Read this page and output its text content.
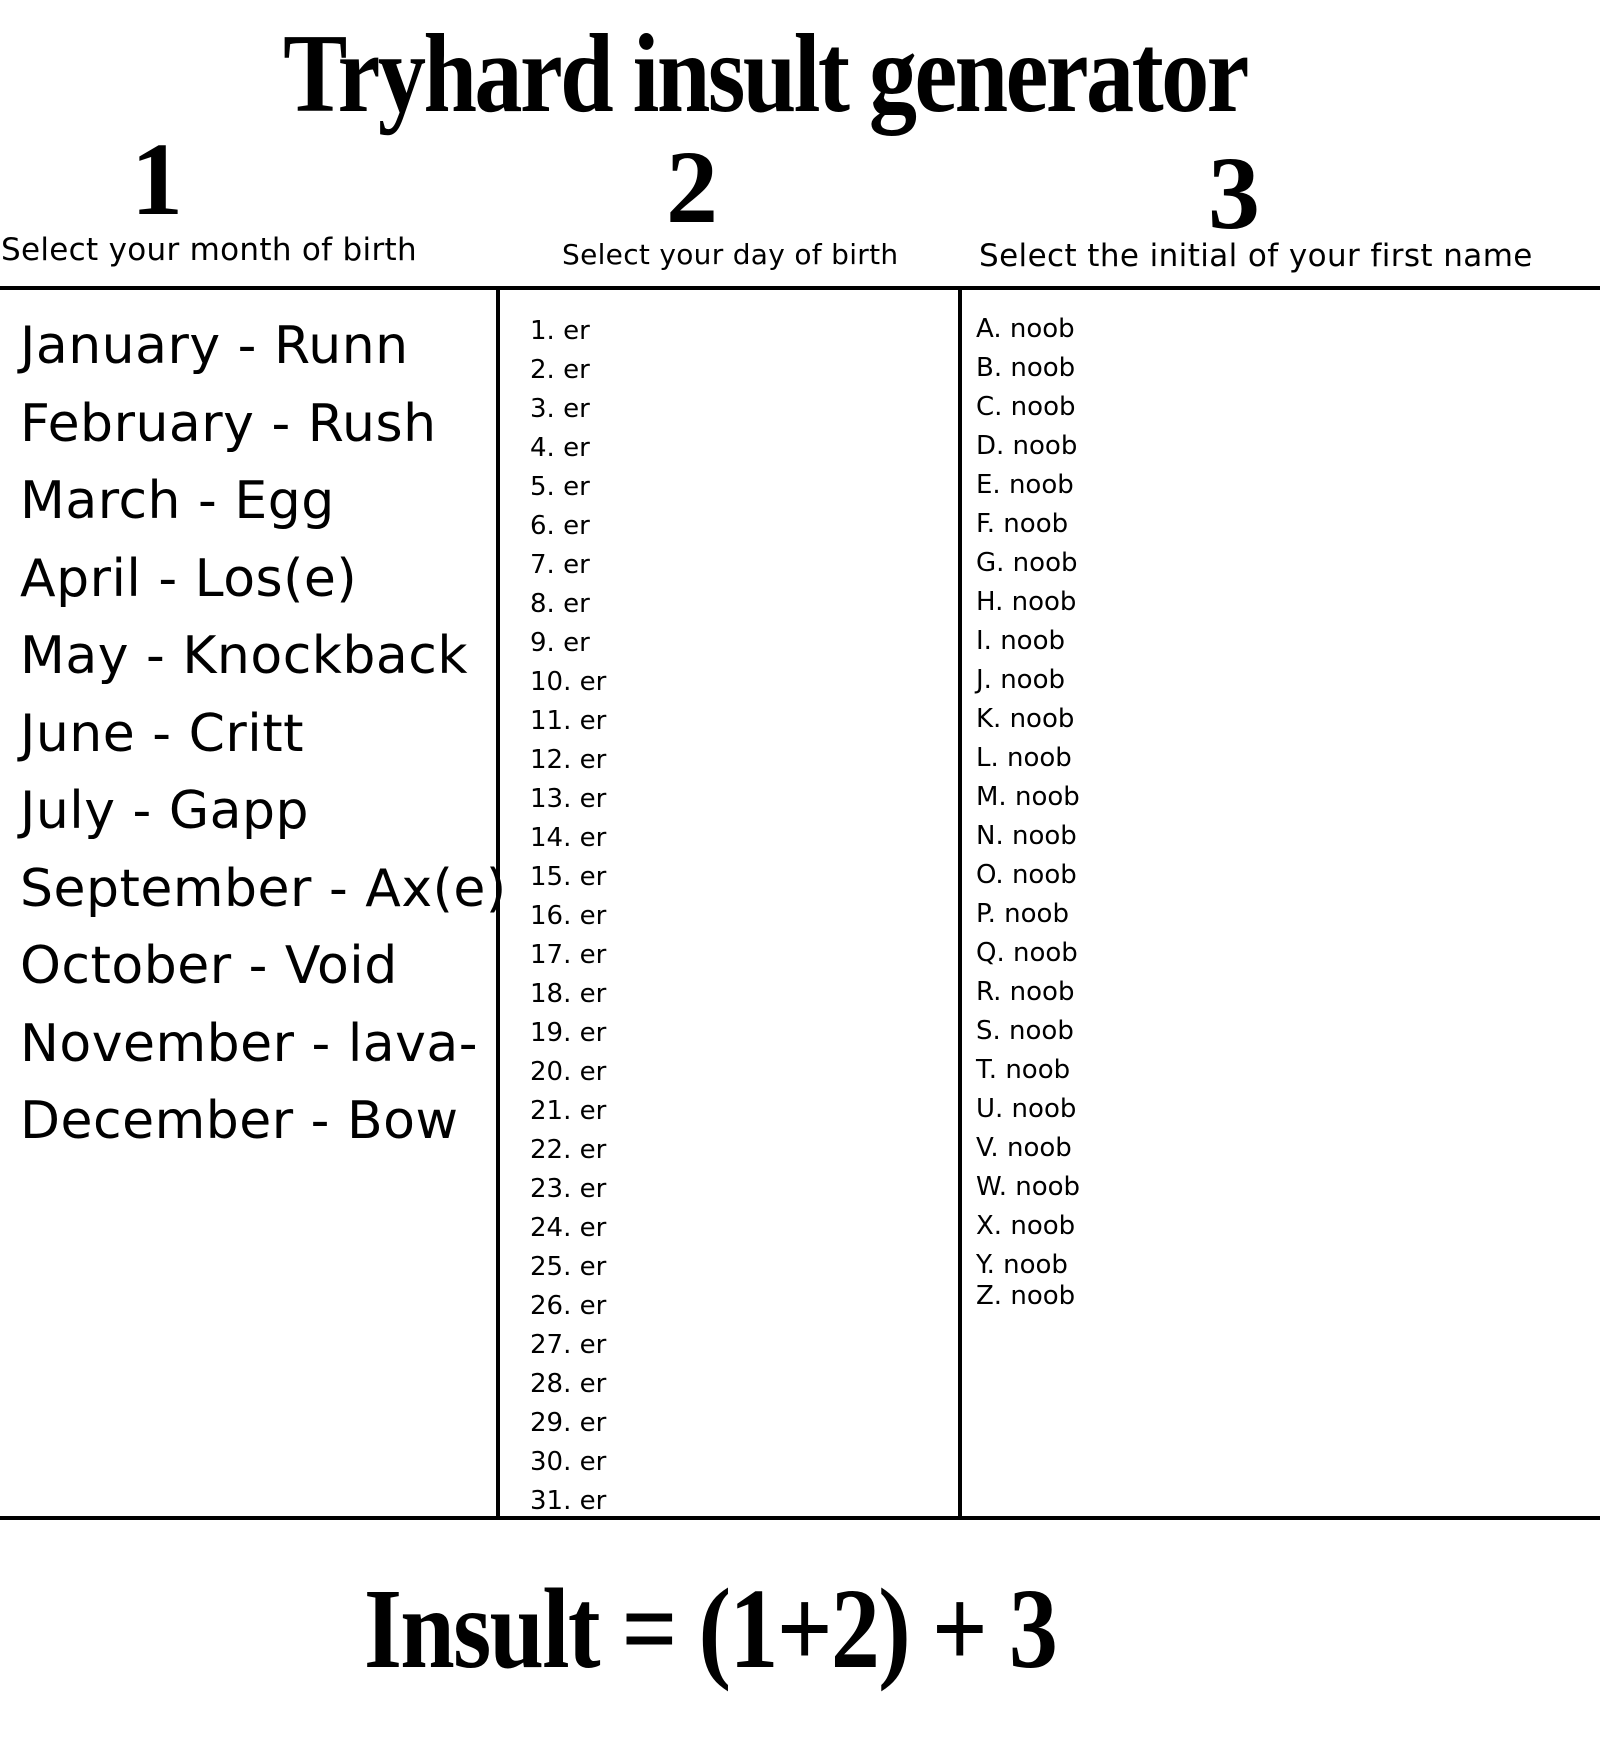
Tryhard insult generator
1
Select your month of birth
2
Select your day of birth
3
Select the initial of your first name
January - Runn
February - Rush
March - Egg
April - Los(e)
May - Knockback
June - Critt
July - Gapp
September - Ax(e)
October - Void
November - lava-
December - Bow
1. er
2. er
3. er
4. er
5. er
6. er
7. er
8. er
9. er
10. er
11. er
12. er
13. er
14. er
15. er
16. er
17. er
18. er
19. er
20. er
21. er
22. er
23. er
24. er
25. er
26. er
27. er
28. er
29. er
30. er
31. er
A. noob
B. noob
C. noob
D. noob
E. noob
F. noob
G. noob
H. noob
I. noob
J. noob
K. noob
L. noob
M. noob
N. noob
O. noob
P. noob
Q. noob
R. noob
S. noob
T. noob
U. noob
V. noob
W. noob
X. noob
Y. noob
Z. noob
Insult = (1+2) + 3
